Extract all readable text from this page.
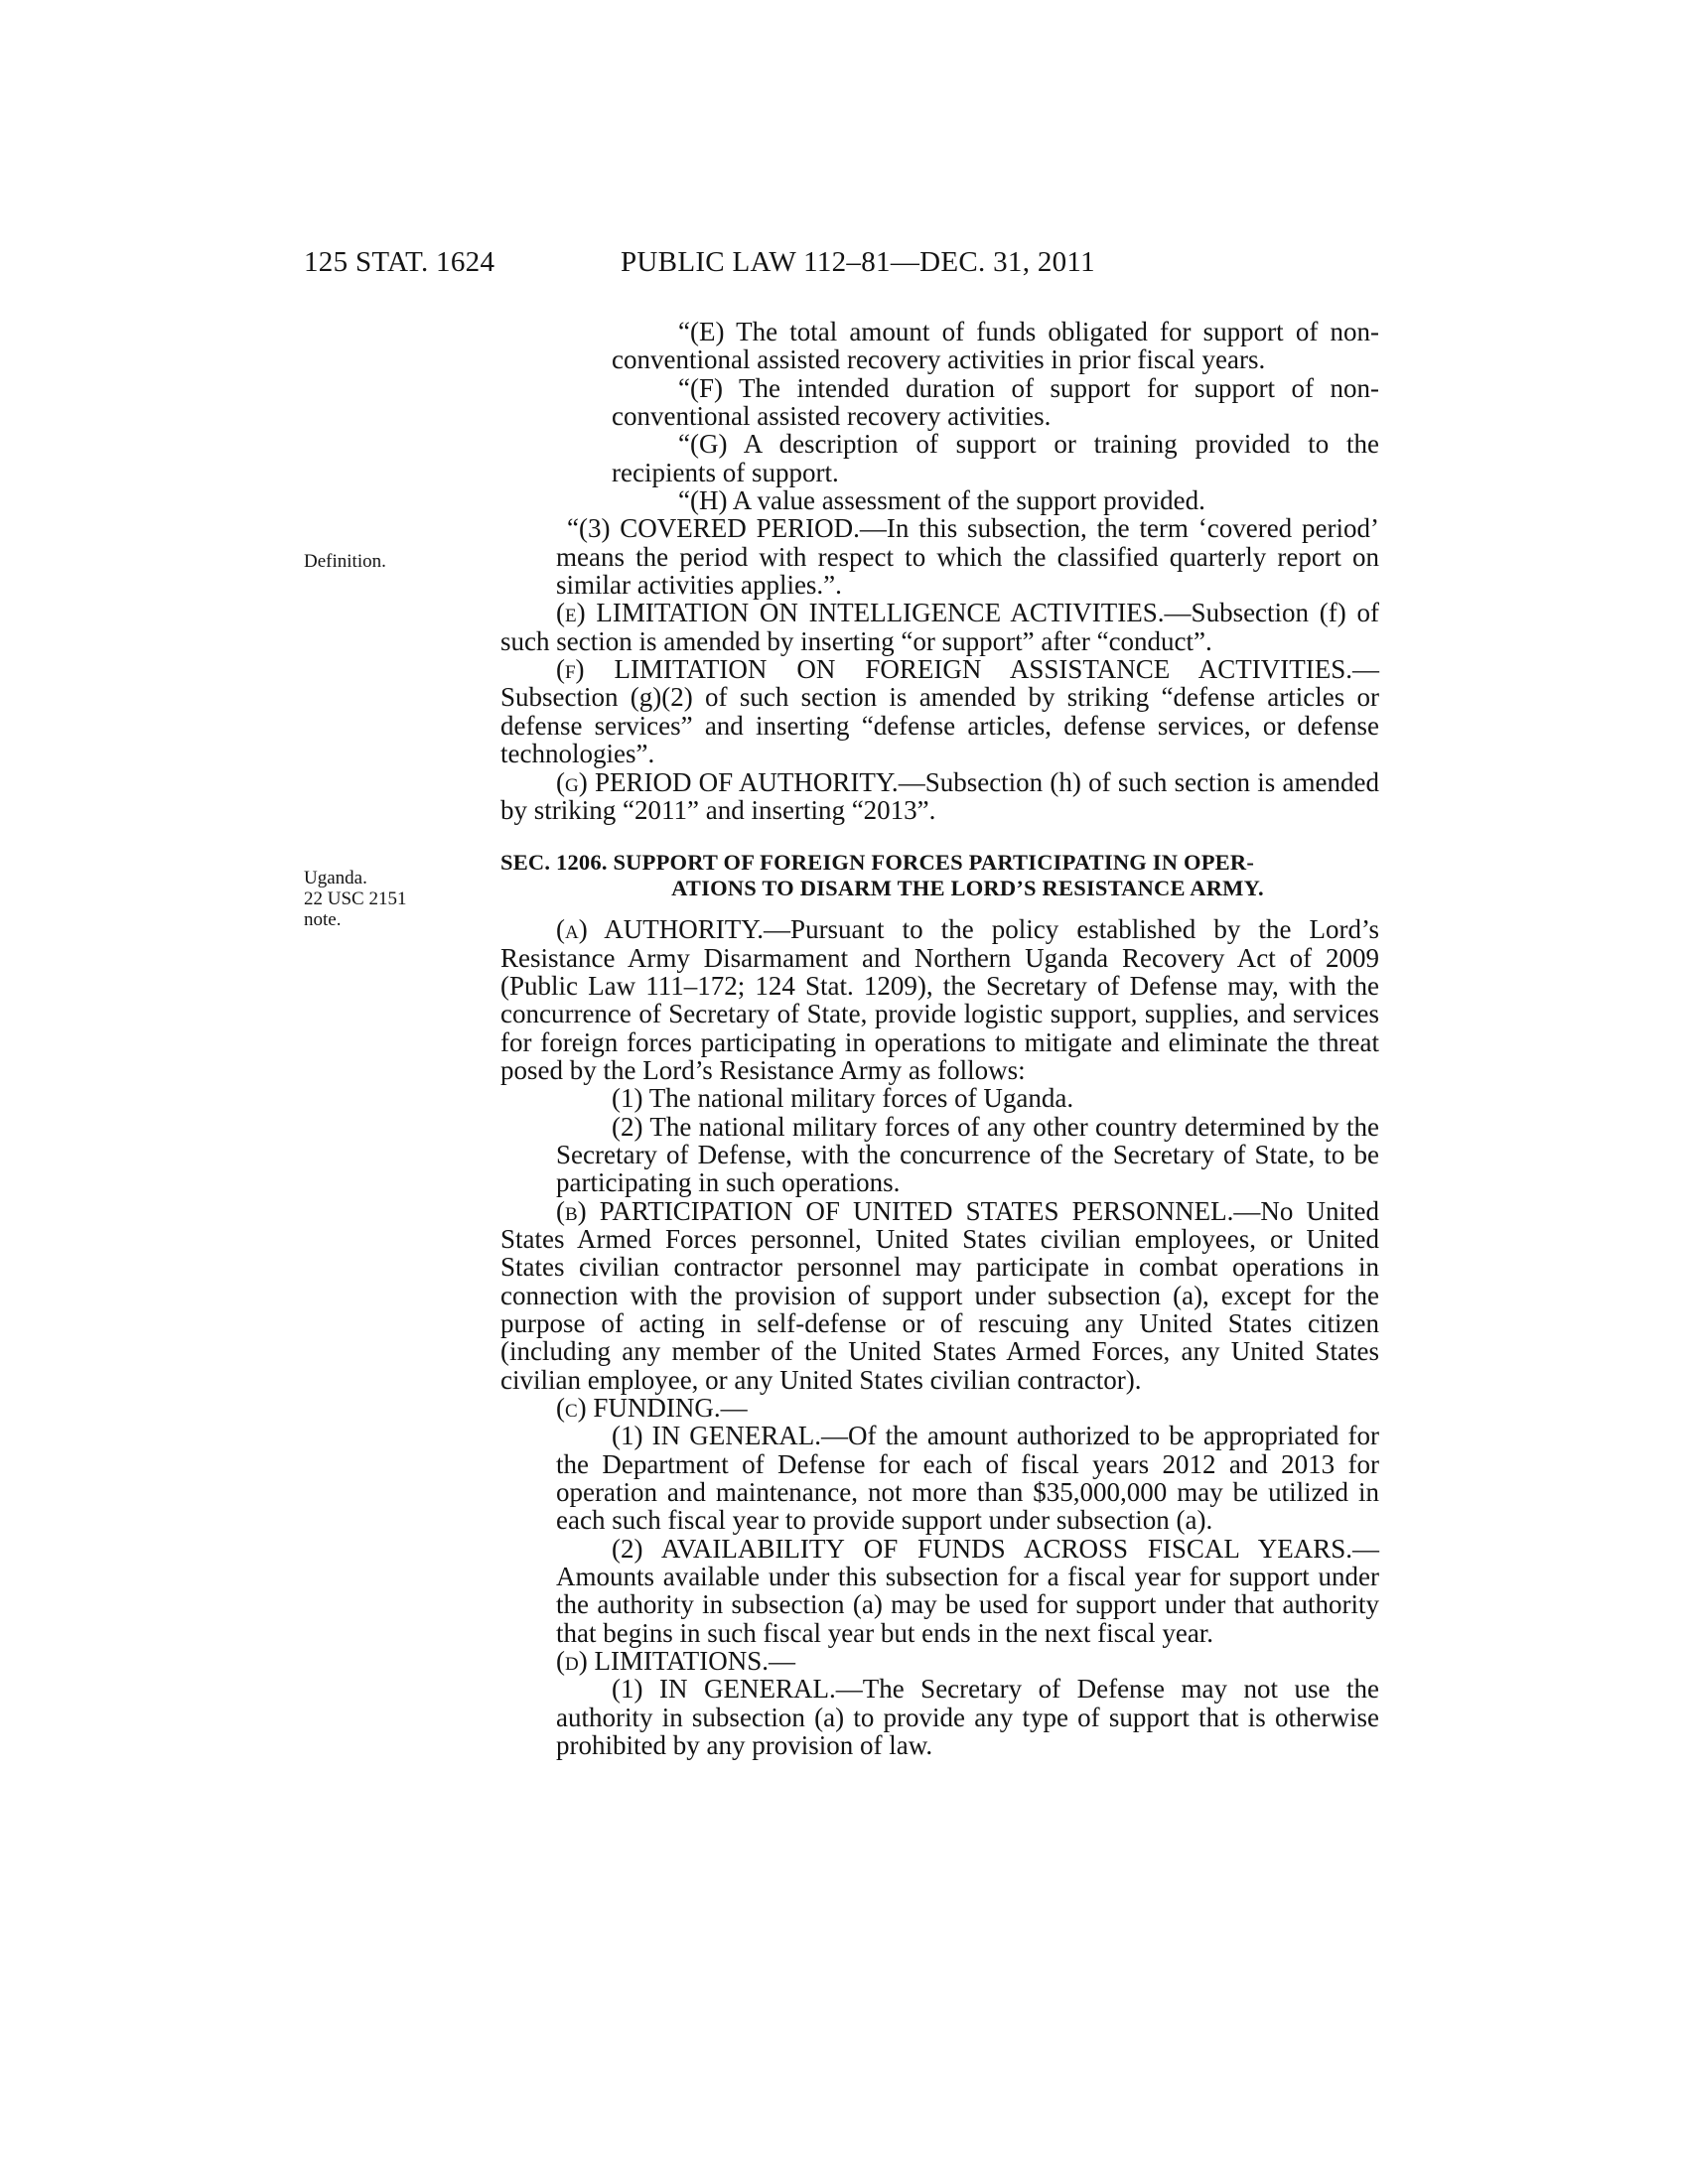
125 STAT. 1624	PUBLIC LAW 112–81—DEC. 31, 2011
Definition.
Uganda.
22 USC 2151
note.

“(E) The total amount of funds obligated for support of non-conventional assisted recovery activities in prior fiscal years.

“(F) The intended duration of support for support of non-conventional assisted recovery activities.

“(G) A description of support or training provided to the recipients of support.

“(H) A value assessment of the support provided.

“(3) COVERED PERIOD.—In this subsection, the term ‘covered period’ means the period with respect to which the classified quarterly report on similar activities applies.”.

(e) LIMITATION ON INTELLIGENCE ACTIVITIES.—Subsection (f) of such section is amended by inserting “or support” after “conduct”.

(f) LIMITATION ON FOREIGN ASSISTANCE ACTIVITIES.—Subsection (g)(2) of such section is amended by striking “defense articles or defense services” and inserting “defense articles, defense services, or defense technologies”.

(g) PERIOD OF AUTHORITY.—Subsection (h) of such section is amended by striking “2011” and inserting “2013”.

SEC. 1206. SUPPORT OF FOREIGN FORCES PARTICIPATING IN OPER-
ATIONS TO DISARM THE LORD’S RESISTANCE ARMY.

(a) AUTHORITY.—Pursuant to the policy established by the Lord’s Resistance Army Disarmament and Northern Uganda Recovery Act of 2009 (Public Law 111–172; 124 Stat. 1209), the Secretary of Defense may, with the concurrence of Secretary of State, provide logistic support, supplies, and services for foreign forces participating in operations to mitigate and eliminate the threat posed by the Lord’s Resistance Army as follows:

(1) The national military forces of Uganda.

(2) The national military forces of any other country determined by the Secretary of Defense, with the concurrence of the Secretary of State, to be participating in such operations.

(b) PARTICIPATION OF UNITED STATES PERSONNEL.—No United States Armed Forces personnel, United States civilian employees, or United States civilian contractor personnel may participate in combat operations in connection with the provision of support under subsection (a), except for the purpose of acting in self-defense or of rescuing any United States citizen (including any member of the United States Armed Forces, any United States civilian employee, or any United States civilian contractor).

(c) FUNDING.—

(1) IN GENERAL.—Of the amount authorized to be appropriated for the Department of Defense for each of fiscal years 2012 and 2013 for operation and maintenance, not more than $35,000,000 may be utilized in each such fiscal year to provide support under subsection (a).

(2) AVAILABILITY OF FUNDS ACROSS FISCAL YEARS.— Amounts available under this subsection for a fiscal year for support under the authority in subsection (a) may be used for support under that authority that begins in such fiscal year but ends in the next fiscal year.

(d) LIMITATIONS.—

(1) IN GENERAL.—The Secretary of Defense may not use the authority in subsection (a) to provide any type of support that is otherwise prohibited by any provision of law.
